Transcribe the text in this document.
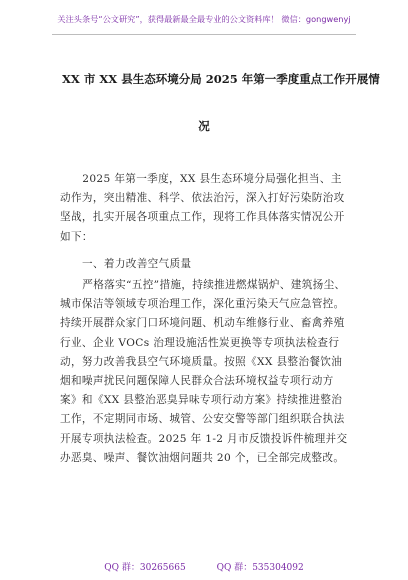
关注头条号“公文研究”，获得最新最全最专业的公文资料库！ 微信：gongwenyj
XX 市 XX 县生态环境分局 2025 年第一季度重点工作开展情
况
2025 年第一季度，XX 县生态环境分局强化担当、主动作为，突出精准、科学、依法治污，深入打好污染防治攻坚战，扎实开展各项重点工作，现将工作具体落实情况公开如下：
一、着力改善空气质量
严格落实“五控”措施，持续推进燃煤锅炉、建筑扬尘、城市保洁等领域专项治理工作，深化重污染天气应急管控。持续开展群众家门口环境问题、机动车维修行业、畜禽养殖行业、企业 VOCs 治理设施活性炭更换等专项执法检查行动，努力改善我县空气环境质量。按照《XX 县整治餐饮油烟和噪声扰民问题保障人民群众合法环境权益专项行动方案》和《XX 县整治恶臭异味专项行动方案》持续推进整治工作，不定期同市场、城管、公安交警等部门组织联合执法开展专项执法检查。2025 年 1-2 月市反馈投诉件梳理并交办恶臭、噪声、餐饮油烟问题共 20 个，已全部完成整改。
QQ 群：30265665	QQ 群：535304092
